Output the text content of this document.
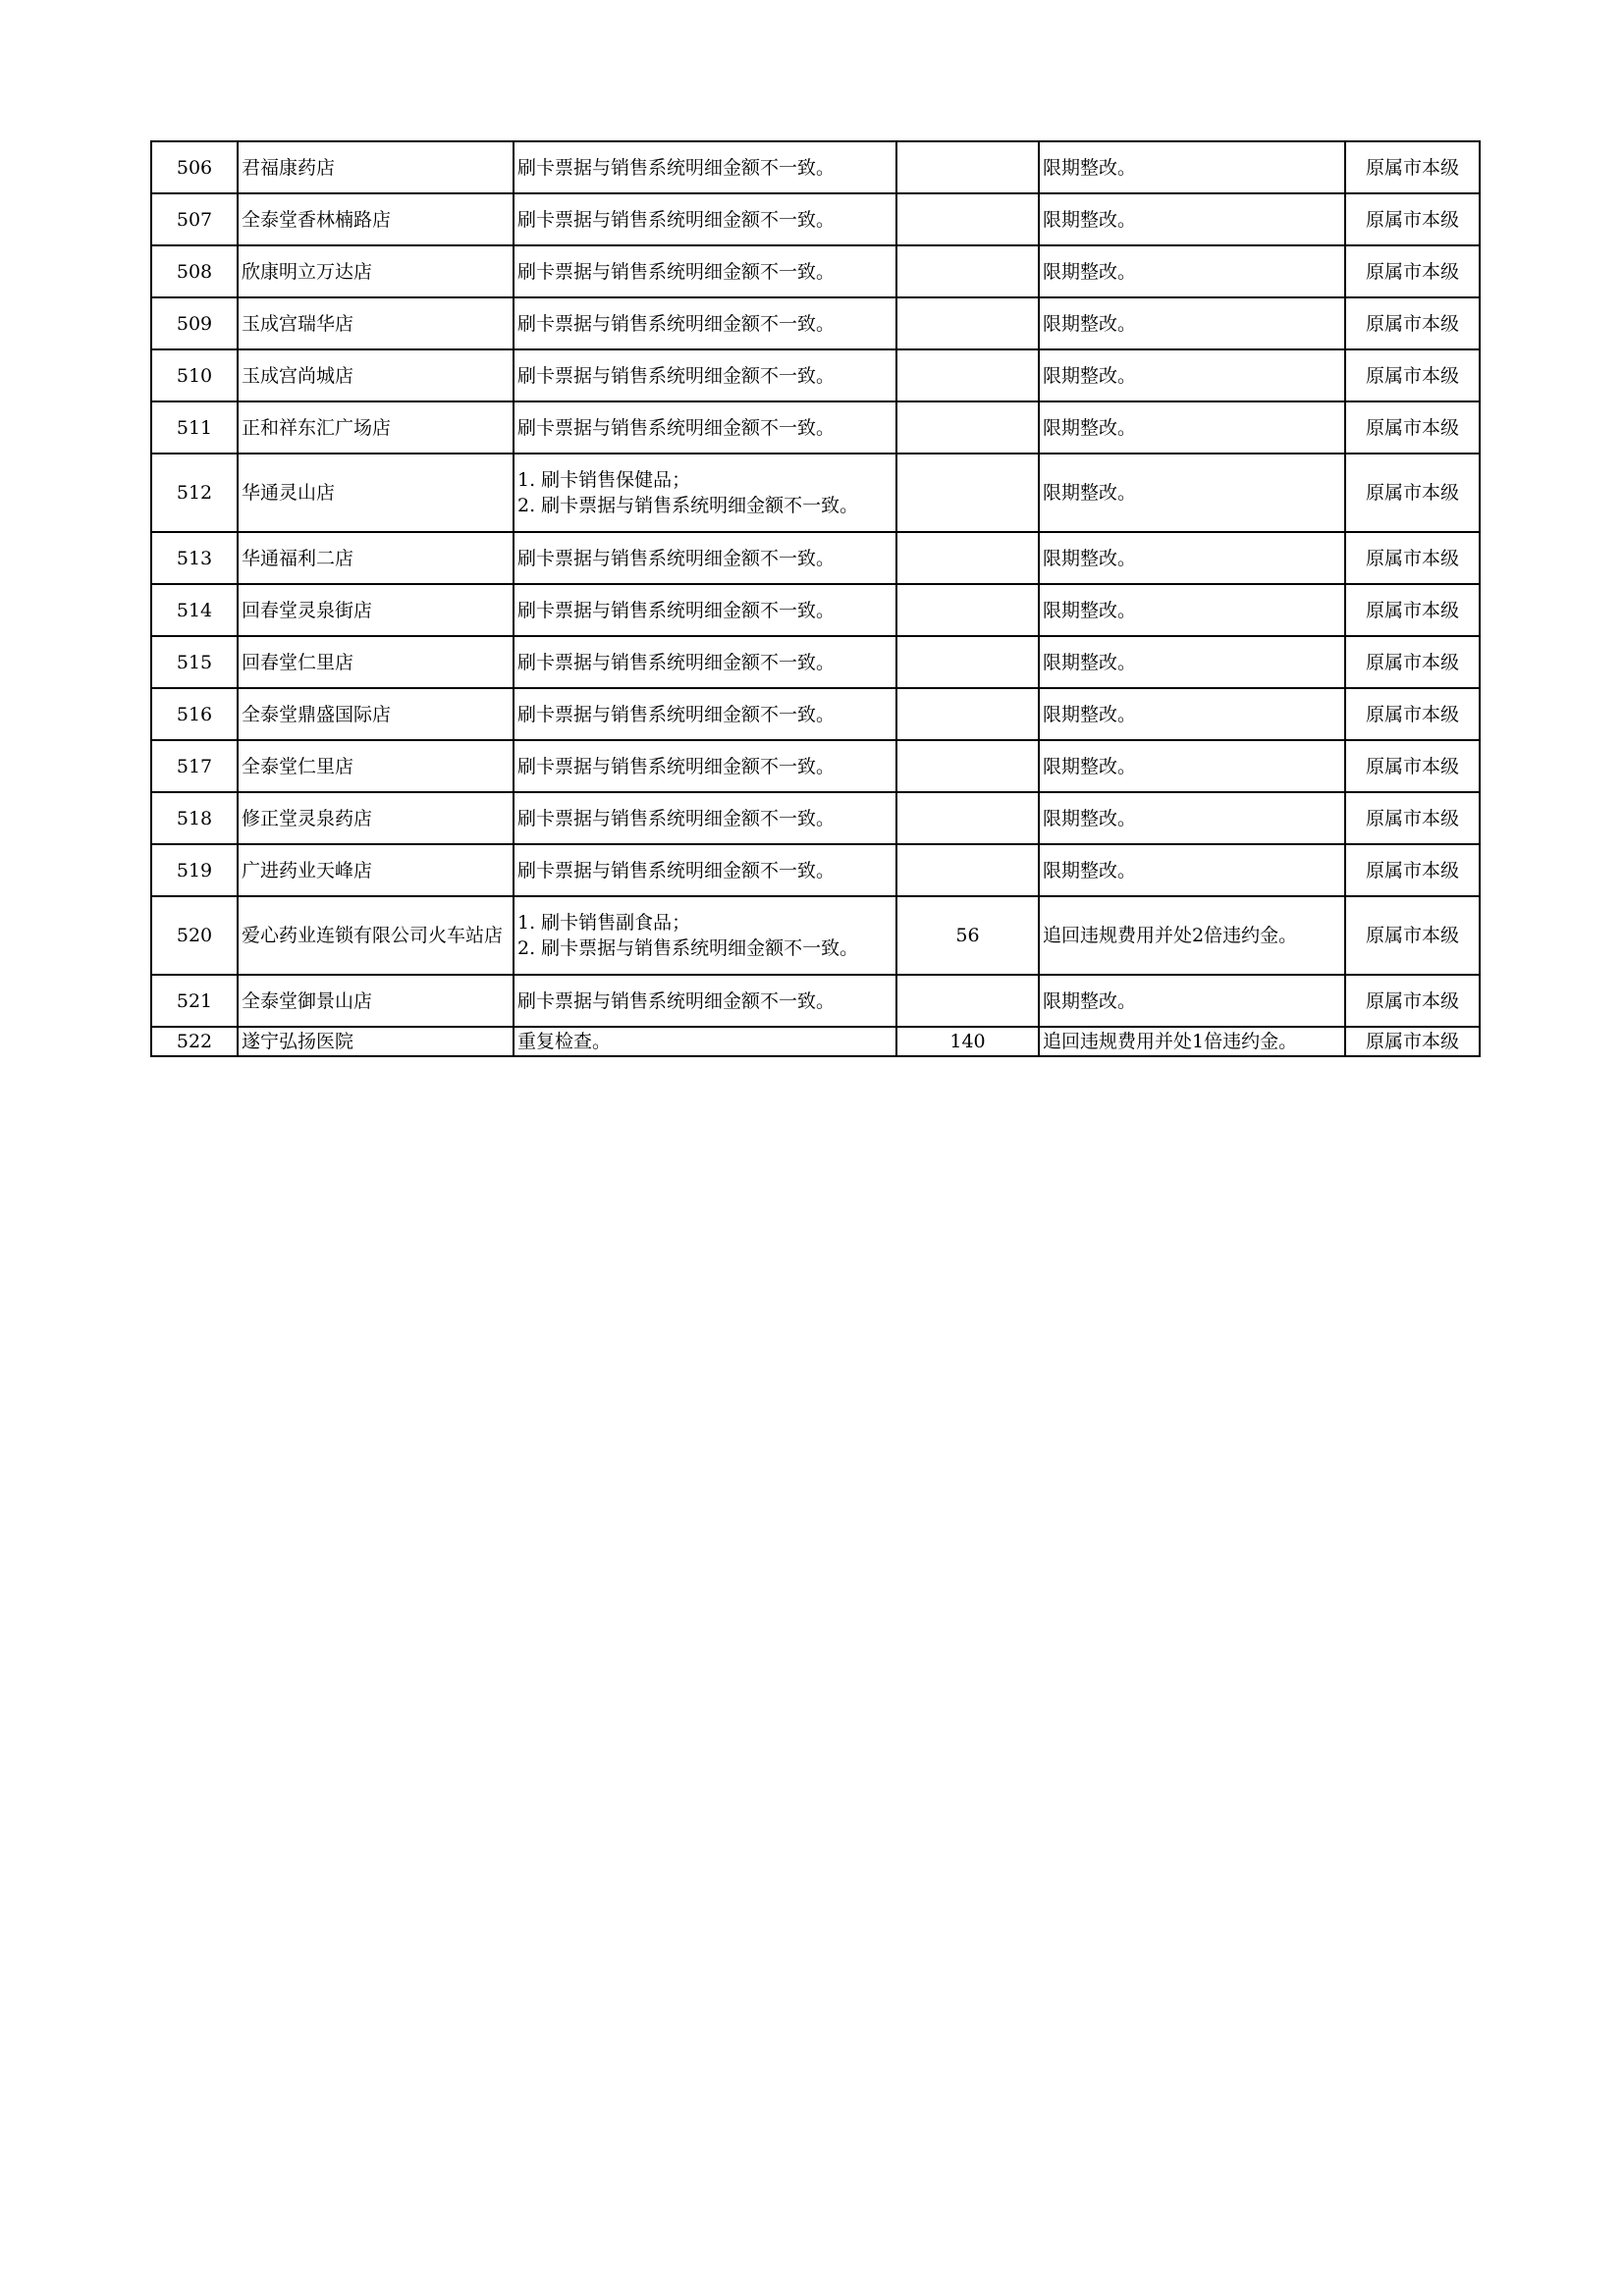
506	君福康药店	刷卡票据与销售系统明细金额不一致。		限期整改。	原属市本级
507	全泰堂香林楠路店	刷卡票据与销售系统明细金额不一致。		限期整改。	原属市本级
508	欣康明立万达店	刷卡票据与销售系统明细金额不一致。		限期整改。	原属市本级
509	玉成宫瑞华店	刷卡票据与销售系统明细金额不一致。		限期整改。	原属市本级
510	玉成宫尚城店	刷卡票据与销售系统明细金额不一致。		限期整改。	原属市本级
511	正和祥东汇广场店	刷卡票据与销售系统明细金额不一致。		限期整改。	原属市本级
512	华通灵山店	1. 刷卡销售保健品；
2. 刷卡票据与销售系统明细金额不一致。		限期整改。	原属市本级
513	华通福利二店	刷卡票据与销售系统明细金额不一致。		限期整改。	原属市本级
514	回春堂灵泉街店	刷卡票据与销售系统明细金额不一致。		限期整改。	原属市本级
515	回春堂仁里店	刷卡票据与销售系统明细金额不一致。		限期整改。	原属市本级
516	全泰堂鼎盛国际店	刷卡票据与销售系统明细金额不一致。		限期整改。	原属市本级
517	全泰堂仁里店	刷卡票据与销售系统明细金额不一致。		限期整改。	原属市本级
518	修正堂灵泉药店	刷卡票据与销售系统明细金额不一致。		限期整改。	原属市本级
519	广进药业天峰店	刷卡票据与销售系统明细金额不一致。		限期整改。	原属市本级
520	爱心药业连锁有限公司火车站店	1. 刷卡销售副食品；
2. 刷卡票据与销售系统明细金额不一致。	56	追回违规费用并处2倍违约金。	原属市本级
521	全泰堂御景山店	刷卡票据与销售系统明细金额不一致。		限期整改。	原属市本级
522	遂宁弘扬医院	重复检查。	140	追回违规费用并处1倍违约金。	原属市本级
